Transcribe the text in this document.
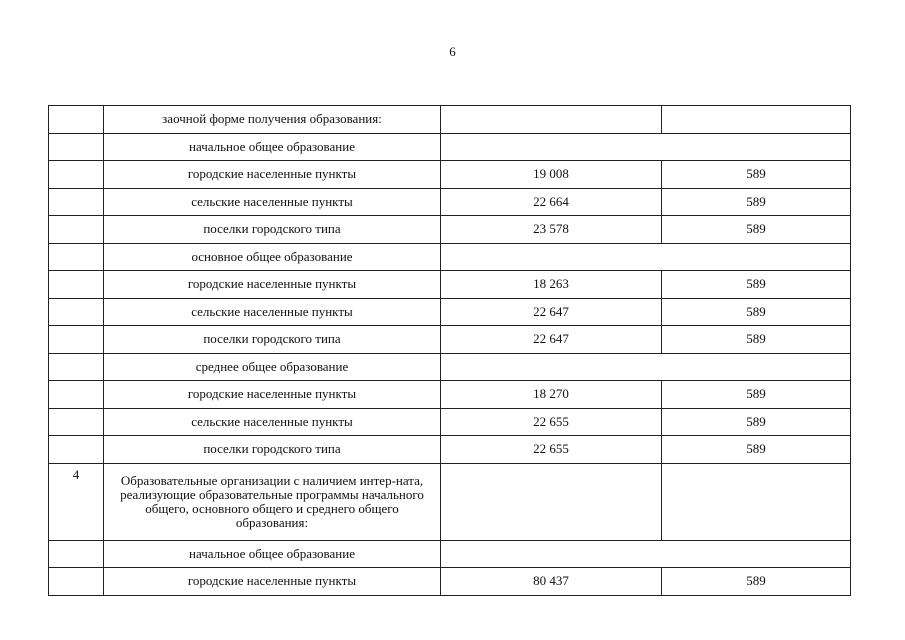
6
	заочной форме получения образования:		
	начальное общее образование		
	городские населенные пункты	19 008	589
	сельские населенные пункты	22 664	589
	поселки городского типа	23 578	589
	основное общее образование		
	городские населенные пункты	18 263	589
	сельские населенные пункты	22 647	589
	поселки городского типа	22 647	589
	среднее общее образование		
	городские населенные пункты	18 270	589
	сельские населенные пункты	22 655	589
	поселки городского типа	22 655	589
4	Образовательные организации с наличием интер-ната, реализующие образовательные программы начального общего, основного общего и среднего общего образования:		
	начальное общее образование		
	городские населенные пункты	80 437	589
